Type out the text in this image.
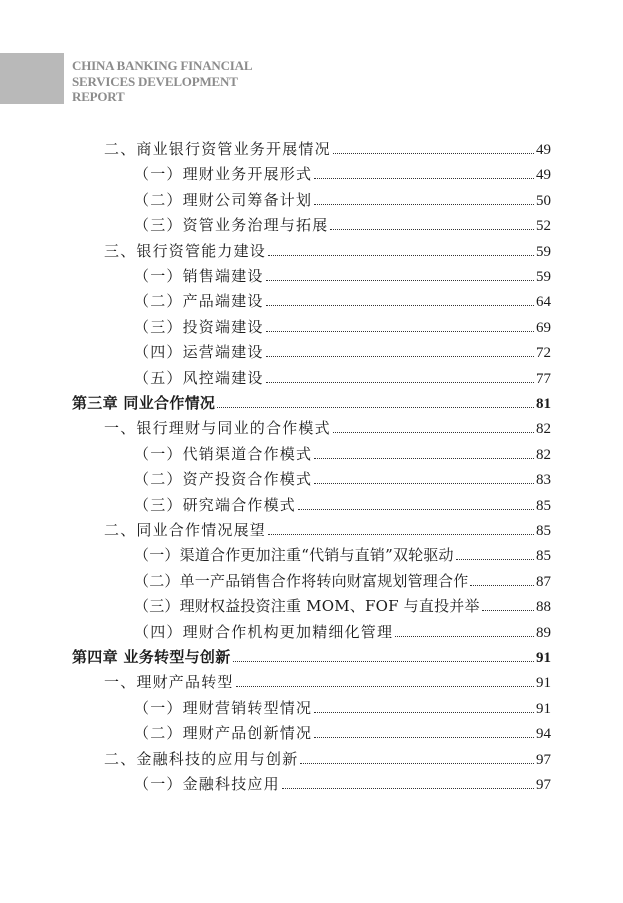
CHINA BANKING FINANCIAL
SERVICES DEVELOPMENT
REPORT
二、商业银行资管业务开展情况	49
（一）理财业务开展形式	49
（二）理财公司筹备计划	50
（三）资管业务治理与拓展	52
三、银行资管能力建设	59
（一）销售端建设	59
（二）产品端建设	64
（三）投资端建设	69
（四）运营端建设	72
（五）风控端建设	77
第三章 同业合作情况	81
一、银行理财与同业的合作模式	82
（一）代销渠道合作模式	82
（二）资产投资合作模式	83
（三）研究端合作模式	85
二、同业合作情况展望	85
（一）渠道合作更加注重“代销与直销”双轮驱动	85
（二）单一产品销售合作将转向财富规划管理合作	87
（三）理财权益投资注重 MOM、FOF 与直投并举	88
（四）理财合作机构更加精细化管理	89
第四章 业务转型与创新	91
一、理财产品转型	91
（一）理财营销转型情况	91
（二）理财产品创新情况	94
二、金融科技的应用与创新	97
（一）金融科技应用	97
